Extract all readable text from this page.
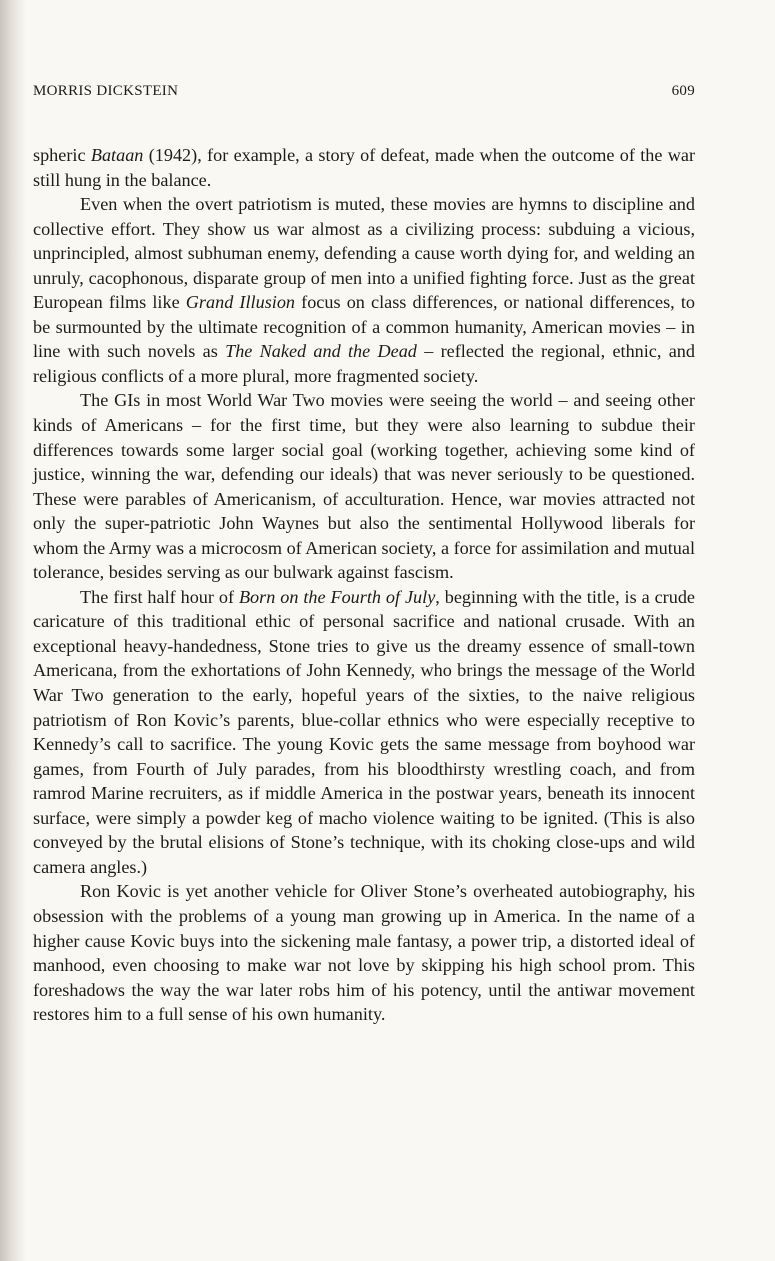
MORRIS DICKSTEIN	609

spheric Bataan (1942), for example, a story of defeat, made when the outcome of the war still hung in the balance.

Even when the overt patriotism is muted, these movies are hymns to discipline and collective effort. They show us war almost as a civilizing process: subduing a vicious, unprincipled, almost subhuman enemy, defending a cause worth dying for, and welding an unruly, cacophonous, disparate group of men into a unified fighting force. Just as the great European films like Grand Illusion focus on class differences, or national differences, to be surmounted by the ultimate recognition of a common humanity, American movies – in line with such novels as The Naked and the Dead – reflected the regional, ethnic, and religious conflicts of a more plural, more fragmented society.

The GIs in most World War Two movies were seeing the world – and seeing other kinds of Americans – for the first time, but they were also learning to subdue their differences towards some larger social goal (working together, achieving some kind of justice, winning the war, defending our ideals) that was never seriously to be questioned. These were parables of Americanism, of acculturation. Hence, war movies attracted not only the super-patriotic John Waynes but also the sentimental Hollywood liberals for whom the Army was a microcosm of American society, a force for assimilation and mutual tolerance, besides serving as our bulwark against fascism.

The first half hour of Born on the Fourth of July, beginning with the title, is a crude caricature of this traditional ethic of personal sacrifice and national crusade. With an exceptional heavy-handedness, Stone tries to give us the dreamy essence of small-town Americana, from the exhortations of John Kennedy, who brings the message of the World War Two generation to the early, hopeful years of the sixties, to the naive religious patriotism of Ron Kovic’s parents, blue-collar ethnics who were especially receptive to Kennedy’s call to sacrifice. The young Kovic gets the same message from boyhood war games, from Fourth of July parades, from his bloodthirsty wrestling coach, and from ramrod Marine recruiters, as if middle America in the postwar years, beneath its innocent surface, were simply a powder keg of macho violence waiting to be ignited. (This is also conveyed by the brutal elisions of Stone’s technique, with its choking close-ups and wild camera angles.)

Ron Kovic is yet another vehicle for Oliver Stone’s overheated autobiography, his obsession with the problems of a young man growing up in America. In the name of a higher cause Kovic buys into the sickening male fantasy, a power trip, a distorted ideal of manhood, even choosing to make war not love by skipping his high school prom. This foreshadows the way the war later robs him of his potency, until the antiwar movement restores him to a full sense of his own humanity.
